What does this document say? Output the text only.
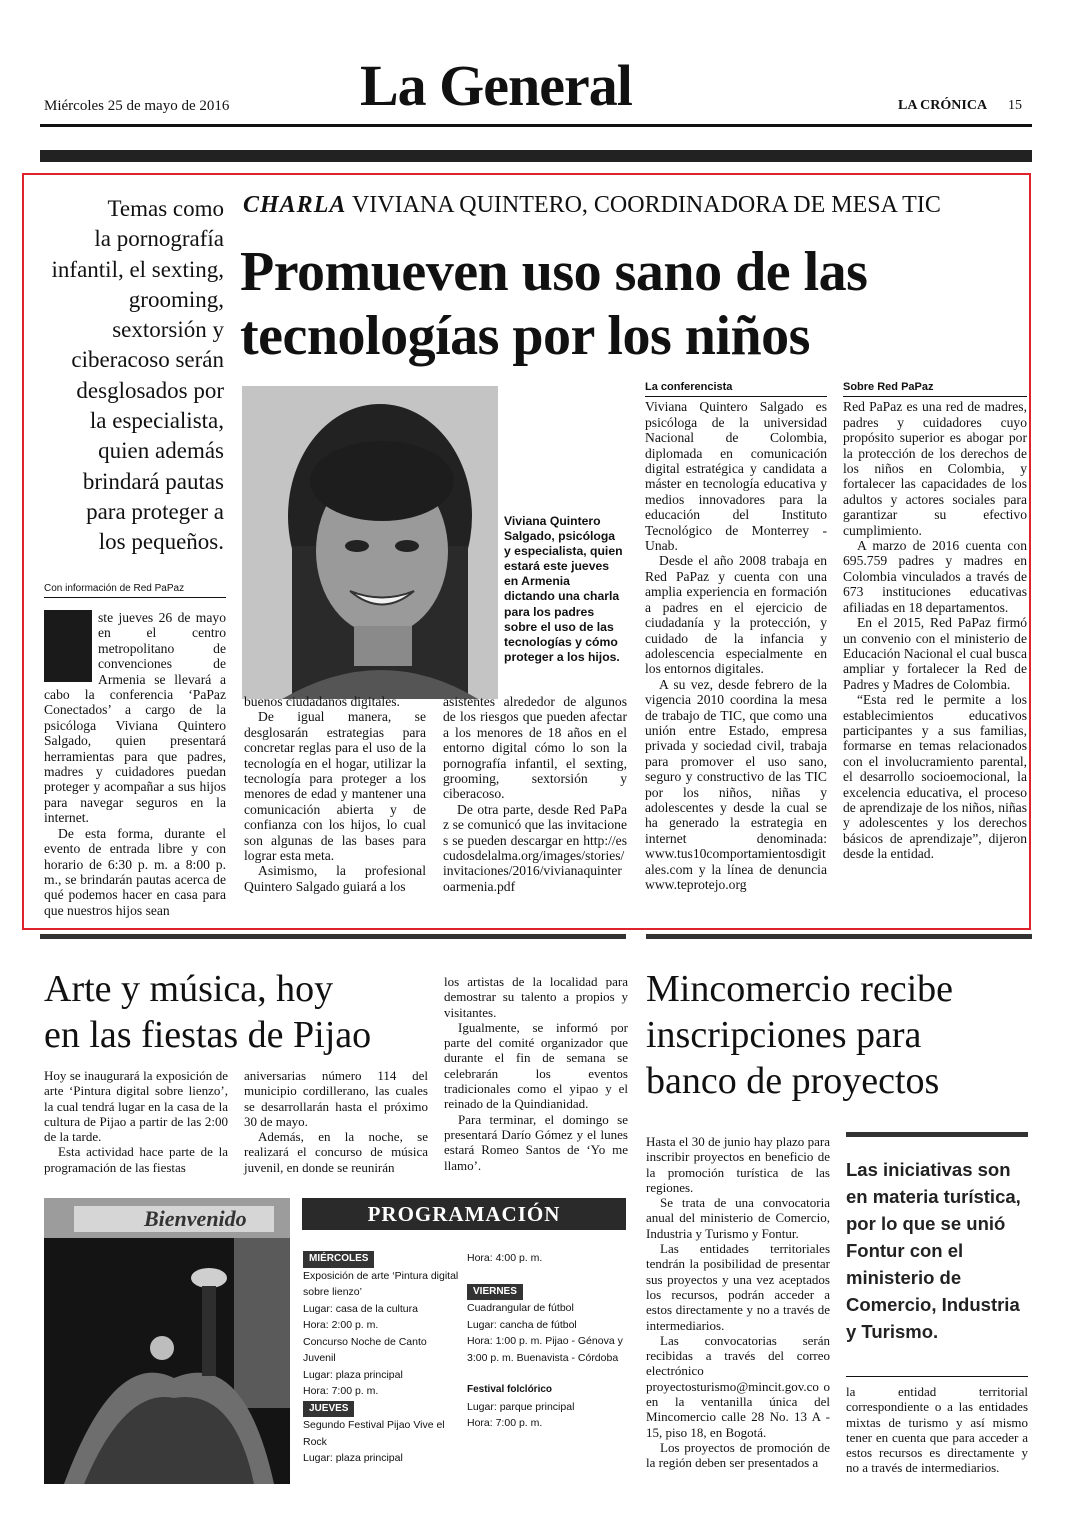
Miércoles 25 de mayo de 2016 La General	LA CRÓNICA 15
CHARLA VIVIANA QUINTERO, COORDINADORA DE MESA TIC
Promueven uso sano de las
tecnologías por los niños
Temas como
la pornografía
infantil, el sexting,
grooming,
sextorsión y
ciberacoso serán
desglosados por
la especialista,
quien además
brindará pautas
para proteger a
los pequeños.
Con información de Red PaPaz
Viviana Quintero Salgado, psicóloga y especialista, quien estará este jueves en Armenia dictando una charla para los padres sobre el uso de las tecnologías y cómo proteger a los hijos.
E ste jueves 26 de mayo en el centro metropolitano de convenciones de Armenia se llevará a cabo la conferencia ‘PaPaz Conectados’ a cargo de la psicóloga Viviana Quintero Salgado, quien presentará herramientas para que padres, madres y cuidadores puedan proteger y acompañar a sus hijos para navegar seguros en la internet.

De esta forma, durante el evento de entrada libre y con horario de 6:30 p. m. a 8:00 p. m., se brindarán pautas acerca de qué podemos hacer en casa para que nuestros hijos sean

buenos ciudadanos digitales.

De igual manera, se desglosarán estrategias para concretar reglas para el uso de la tecnología en el hogar, utilizar la tecnología para proteger a los menores de edad y mantener una comunicación abierta y de confianza con los hijos, lo cual son algunas de las bases para lograr esta meta.

Asimismo, la profesional Quintero Salgado guiará a los

asistentes alrededor de algunos de los riesgos que pueden afectar a los menores de 18 años en el entorno digital cómo lo son la pornografía infantil, el sexting, grooming, sextorsión y ciberacoso.

De otra parte, desde Red PaPaz se comunicó que las invitaciones se pueden descargar en http://escudosdelalma.org/images/stories/invitaciones/2016/vivianaquinteroarmenia.pdf

La conferencista

Viviana Quintero Salgado es psicóloga de la universidad Nacional de Colombia, diplomada en comunicación digital estratégica y candidata a máster en tecnología educativa y medios innovadores para la educación del Instituto Tecnológico de Monterrey - Unab.

Desde el año 2008 trabaja en Red PaPaz y cuenta con una amplia experiencia en formación a padres en el ejercicio de ciudadanía y la protección, y cuidado de la infancia y adolescencia especialmente en los entornos digitales.

A su vez, desde febrero de la vigencia 2010 coordina la mesa de trabajo de TIC, que como una unión entre Estado, empresa privada y sociedad civil, trabaja para promover el uso sano, seguro y constructivo de las TIC por los niños, niñas y adolescentes y desde la cual se ha generado la estrategia en internet denominada: www.tus10comportamientosdigitales.com y la línea de denuncia www.teprotejo.org

Sobre Red PaPaz

Red PaPaz es una red de madres, padres y cuidadores cuyo propósito superior es abogar por la protección de los derechos de los niños en Colombia, y fortalecer las capacidades de los adultos y actores sociales para garantizar su efectivo cumplimiento.

A marzo de 2016 cuenta con 695.759 padres y madres en Colombia vinculados a través de 673 instituciones educativas afiliadas en 18 departamentos.

En el 2015, Red PaPaz firmó un convenio con el ministerio de Educación Nacional el cual busca ampliar y fortalecer la Red de Padres y Madres de Colombia.

“Esta red le permite a los establecimientos educativos participantes y a sus familias, formarse en temas relacionados con el involucramiento parental, el desarrollo socioemocional, la excelencia educativa, el proceso de aprendizaje de los niños, niñas y adolescentes y los derechos básicos de aprendizaje”, dijeron desde la entidad.

Arte y música, hoy
en las fiestas de Pijao

Hoy se inaugurará la exposición de arte ‘Pintura digital sobre lienzo’, la cual tendrá lugar en la casa de la cultura de Pijao a partir de las 2:00 de la tarde.

Esta actividad hace parte de la programación de las fiestas

aniversarias número 114 del municipio cordillerano, las cuales se desarrollarán hasta el próximo 30 de mayo.

Además, en la noche, se realizará el concurso de música juvenil, en donde se reunirán

los artistas de la localidad para demostrar su talento a propios y visitantes.

Igualmente, se informó por parte del comité organizador que durante el fin de semana se celebrarán los eventos tradicionales como el yipao y el reinado de la Quindianidad.

Para terminar, el domingo se presentará Darío Gómez y el lunes estará Romeo Santos de ‘Yo me llamo’.

Bienvenido	PROGRAMACIÓN
MIÉRCOLES
Exposición de arte ‘Pintura digital
sobre lienzo’
Lugar: casa de la cultura
Hora: 2:00 p. m.
Concurso Noche de Canto Juvenil
Lugar: plaza principal
Hora: 7:00 p. m.
JUEVES
Segundo Festival Pijao Vive el Rock
Lugar: plaza principal
Hora: 4:00 p. m.
VIERNES
Cuadrangular de fútbol
Lugar: cancha de fútbol
Hora: 1:00 p. m. Pijao - Génova y
3:00 p. m. Buenavista - Córdoba
Festival folclórico
Lugar: parque principal
Hora: 7:00 p. m.
Mincomercio recibe
inscripciones para
banco de proyectos

Hasta el 30 de junio hay plazo para inscribir proyectos en beneficio de la promoción turística de las regiones.

Se trata de una convocatoria anual del ministerio de Comercio, Industria y Turismo y Fontur.

Las entidades territoriales tendrán la posibilidad de presentar sus proyectos y una vez aceptados los recursos, podrán acceder a estos directamente y no a través de intermediarios.

Las convocatorias serán recibidas a través del correo electrónico proyectosturismo@mincit.gov.co o en la ventanilla única del Mincomercio calle 28 No. 13 A - 15, piso 18, en Bogotá.

Los proyectos de promoción de la región deben ser presentados a

Las iniciativas son en materia turística, por lo que se unió Fontur con el ministerio de Comercio, Industria y Turismo.

la entidad territorial correspondiente o a las entidades mixtas de turismo y así mismo tener en cuenta que para acceder a estos recursos es directamente y no a través de intermediarios.
